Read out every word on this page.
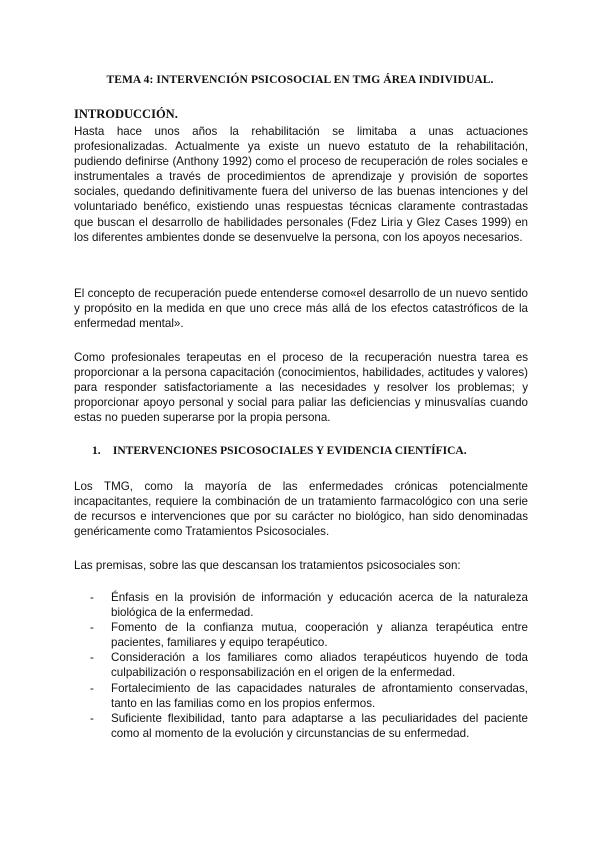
TEMA 4: INTERVENCIÓN PSICOSOCIAL EN TMG ÁREA INDIVIDUAL.
INTRODUCCIÓN.

Hasta hace unos años la rehabilitación se limitaba a unas actuaciones profesionalizadas. Actualmente ya existe un nuevo estatuto de la rehabilitación, pudiendo definirse (Anthony 1992) como el proceso de recuperación de roles sociales e instrumentales a través de procedimientos de aprendizaje y provisión de soportes sociales, quedando definitivamente fuera del universo de las buenas intenciones y del voluntariado benéfico, existiendo unas respuestas técnicas claramente contrastadas que buscan el desarrollo de habilidades personales (Fdez Liria y Glez Cases 1999) en los diferentes ambientes donde se desenvuelve la persona, con los apoyos necesarios.

El concepto de recuperación puede entenderse como«el desarrollo de un nuevo sentido y propósito en la medida en que uno crece más allá de los efectos catastróficos de la enfermedad mental».

Como profesionales terapeutas en el proceso de la recuperación nuestra tarea es proporcionar a la persona capacitación (conocimientos, habilidades, actitudes y valores) para responder satisfactoriamente a las necesidades y resolver los problemas; y proporcionar apoyo personal y social para paliar las deficiencias y minusvalías cuando estas no pueden superarse por la propia persona.

1. INTERVENCIONES PSICOSOCIALES Y EVIDENCIA CIENTÍFICA.

Los TMG, como la mayoría de las enfermedades crónicas potencialmente incapacitantes, requiere la combinación de un tratamiento farmacológico con una serie de recursos e intervenciones que por su carácter no biológico, han sido denominadas genéricamente como Tratamientos Psicosociales.

Las premisas, sobre las que descansan los tratamientos psicosociales son:

- Énfasis en la provisión de información y educación acerca de la naturaleza biológica de la enfermedad.
- Fomento de la confianza mutua, cooperación y alianza terapéutica entre pacientes, familiares y equipo terapéutico.
- Consideración a los familiares como aliados terapéuticos huyendo de toda culpabilización o responsabilización en el origen de la enfermedad.
- Fortalecimiento de las capacidades naturales de afrontamiento conservadas, tanto en las familias como en los propios enfermos.
- Suficiente flexibilidad, tanto para adaptarse a las peculiaridades del paciente como al momento de la evolución y circunstancias de su enfermedad.
